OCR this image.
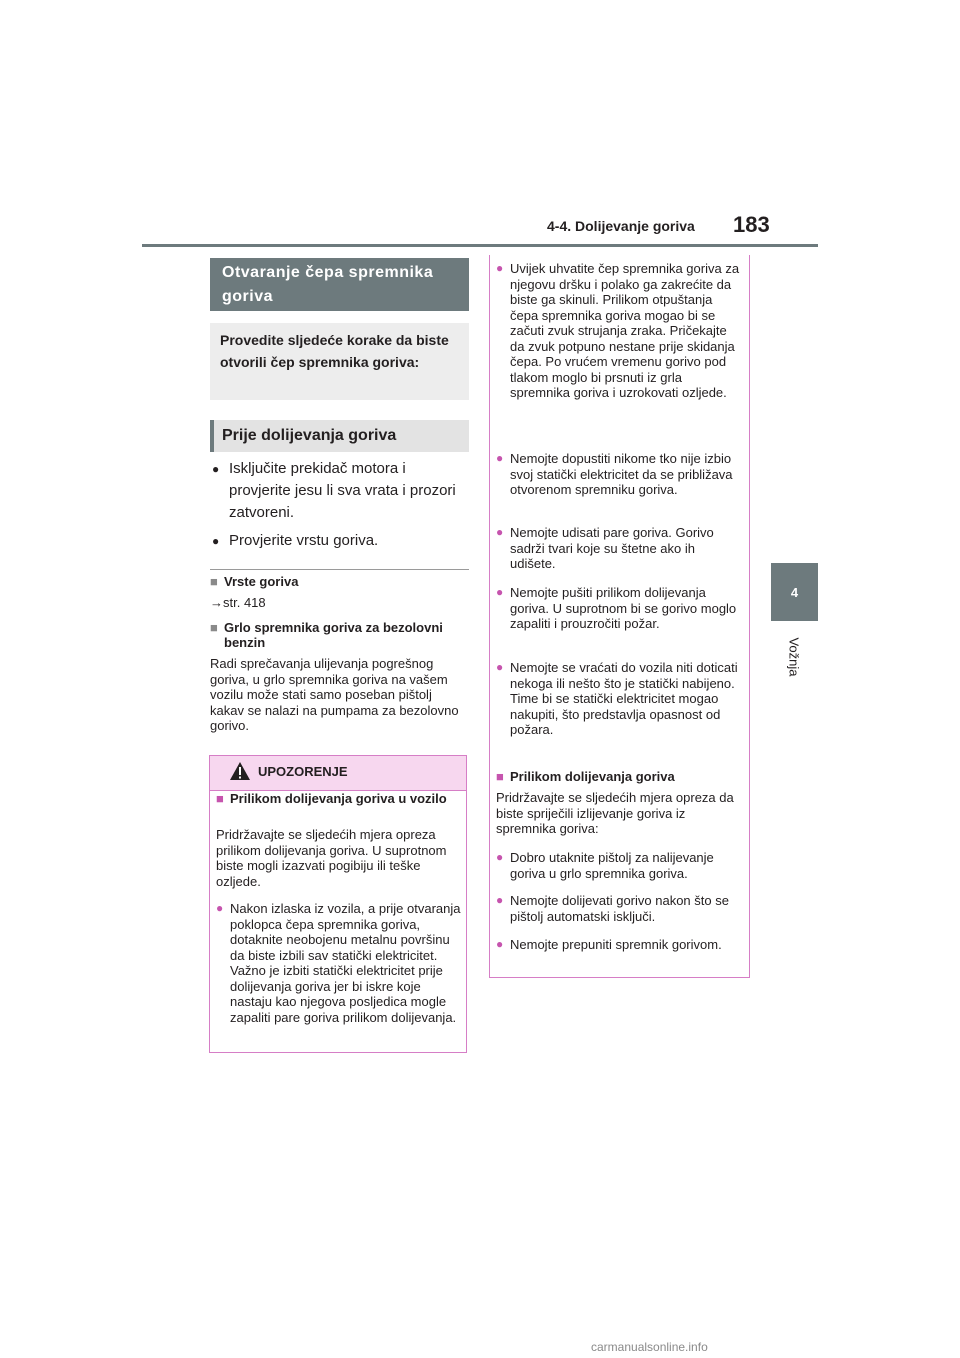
4-4. Dolijevanje goriva 183
4
Vožnja
Otvaranje čepa spremnika goriva
Provedite sljedeće korake da biste otvorili čep spremnika goriva:
Prije dolijevanja goriva
● Isključite prekidač motora i provjerite jesu li sva vrata i prozori zatvoreni.
● Provjerite vrstu goriva.
■ Vrste goriva
→str. 418
■ Grlo spremnika goriva za bezolovni benzin
Radi sprečavanja ulijevanja pogrešnog goriva, u grlo spremnika goriva na vašem vozilu može stati samo poseban pištolj kakav se nalazi na pumpama za bezolovno gorivo.
UPOZORENJE
■ Prilikom dolijevanja goriva u vozilo
Pridržavajte se sljedećih mjera opreza prilikom dolijevanja goriva. U suprotnom biste mogli izazvati pogibiju ili teške ozljede.
● Nakon izlaska iz vozila, a prije otvaranja poklopca čepa spremnika goriva, dotaknite neobojenu metalnu površinu da biste izbili sav statički elektricitet. Važno je izbiti statički elektricitet prije dolijevanja goriva jer bi iskre koje nastaju kao njegova posljedica mogle zapaliti pare goriva prilikom dolijevanja.
● Uvijek uhvatite čep spremnika goriva za njegovu dršku i polako ga zakrećite da biste ga skinuli. Prilikom otpuštanja čepa spremnika goriva mogao bi se začuti zvuk strujanja zraka. Pričekajte da zvuk potpuno nestane prije skidanja čepa. Po vrućem vremenu gorivo pod tlakom moglo bi prsnuti iz grla spremnika goriva i uzrokovati ozljede.
● Nemojte dopustiti nikome tko nije izbio svoj statički elektricitet da se približava otvorenom spremniku goriva.
● Nemojte udisati pare goriva. Gorivo sadrži tvari koje su štetne ako ih udišete.
● Nemojte pušiti prilikom dolijevanja goriva. U suprotnom bi se gorivo moglo zapaliti i prouzročiti požar.
● Nemojte se vraćati do vozila niti doticati nekoga ili nešto što je statički nabijeno. Time bi se statički elektricitet mogao nakupiti, što predstavlja opasnost od požara.
■ Prilikom dolijevanja goriva
Pridržavajte se sljedećih mjera opreza da biste spriječili izlijevanje goriva iz spremnika goriva:
● Dobro utaknite pištolj za nalijevanje goriva u grlo spremnika goriva.
● Nemojte dolijevati gorivo nakon što se pištolj automatski isključi.
● Nemojte prepuniti spremnik gorivom.
carmanualsonline.info
